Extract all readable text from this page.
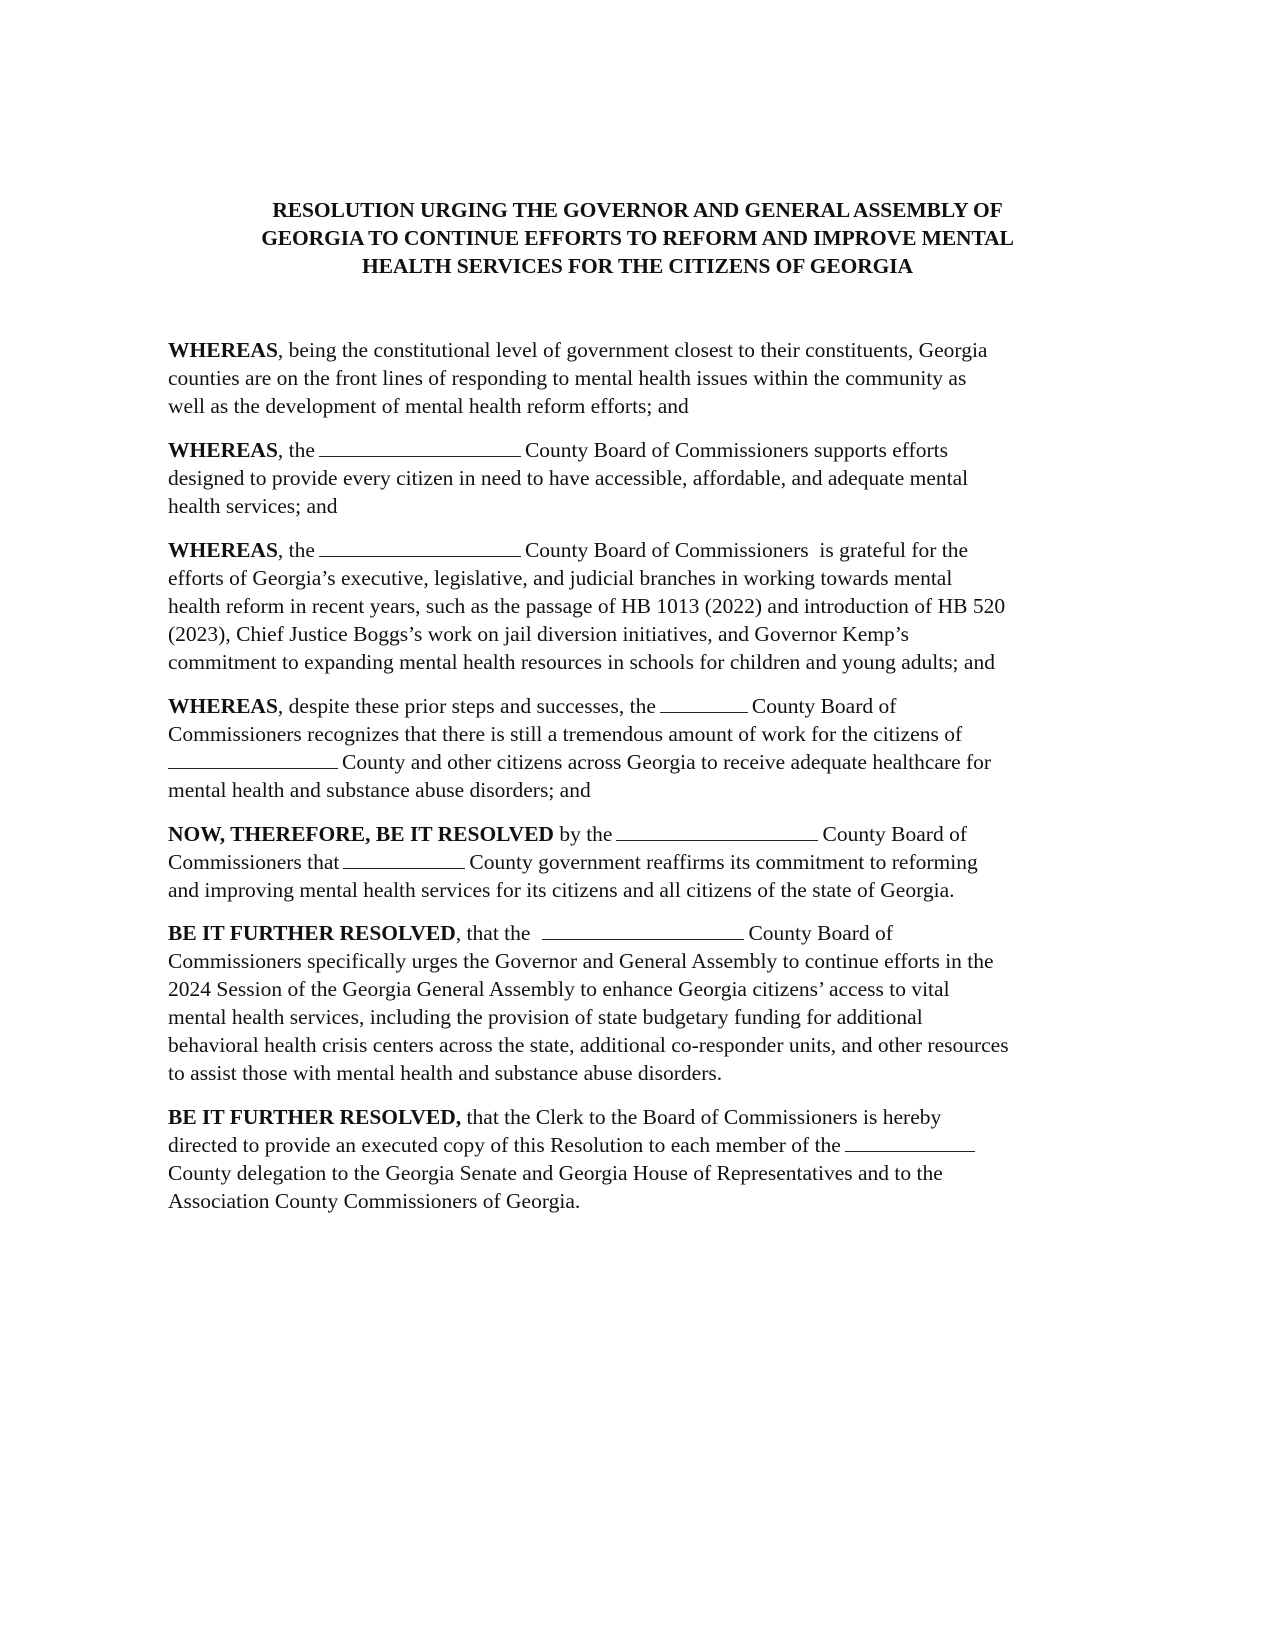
RESOLUTION URGING THE GOVERNOR AND GENERAL ASSEMBLY OF
GEORGIA TO CONTINUE EFFORTS TO REFORM AND IMPROVE MENTAL
HEALTH SERVICES FOR THE CITIZENS OF GEORGIA
WHEREAS, being the constitutional level of government closest to their constituents, Georgia
counties are on the front lines of responding to mental health issues within the community as
well as the development of mental health reform efforts; and
WHEREAS, the	County Board of Commissioners supports efforts
designed to provide every citizen in need to have accessible, affordable, and adequate mental
health services; and
WHEREAS, the	County Board of Commissioners  is grateful for the
efforts of Georgia’s executive, legislative, and judicial branches in working towards mental
health reform in recent years, such as the passage of HB 1013 (2022) and introduction of HB 520
(2023), Chief Justice Boggs’s work on jail diversion initiatives, and Governor Kemp’s
commitment to expanding mental health resources in schools for children and young adults; and
WHEREAS, despite these prior steps and successes, the	County Board of
Commissioners recognizes that there is still a tremendous amount of work for the citizens of
County and other citizens across Georgia to receive adequate healthcare for
mental health and substance abuse disorders; and
NOW, THEREFORE, BE IT RESOLVED by the	County Board of
Commissioners that	County government reaffirms its commitment to reforming
and improving mental health services for its citizens and all citizens of the state of Georgia.
BE IT FURTHER RESOLVED, that the	County Board of
Commissioners specifically urges the Governor and General Assembly to continue efforts in the
2024 Session of the Georgia General Assembly to enhance Georgia citizens’ access to vital
mental health services, including the provision of state budgetary funding for additional
behavioral health crisis centers across the state, additional co-responder units, and other resources
to assist those with mental health and substance abuse disorders.
BE IT FURTHER RESOLVED, that the Clerk to the Board of Commissioners is hereby
directed to provide an executed copy of this Resolution to each member of the
County delegation to the Georgia Senate and Georgia House of Representatives and to the
Association County Commissioners of Georgia.
